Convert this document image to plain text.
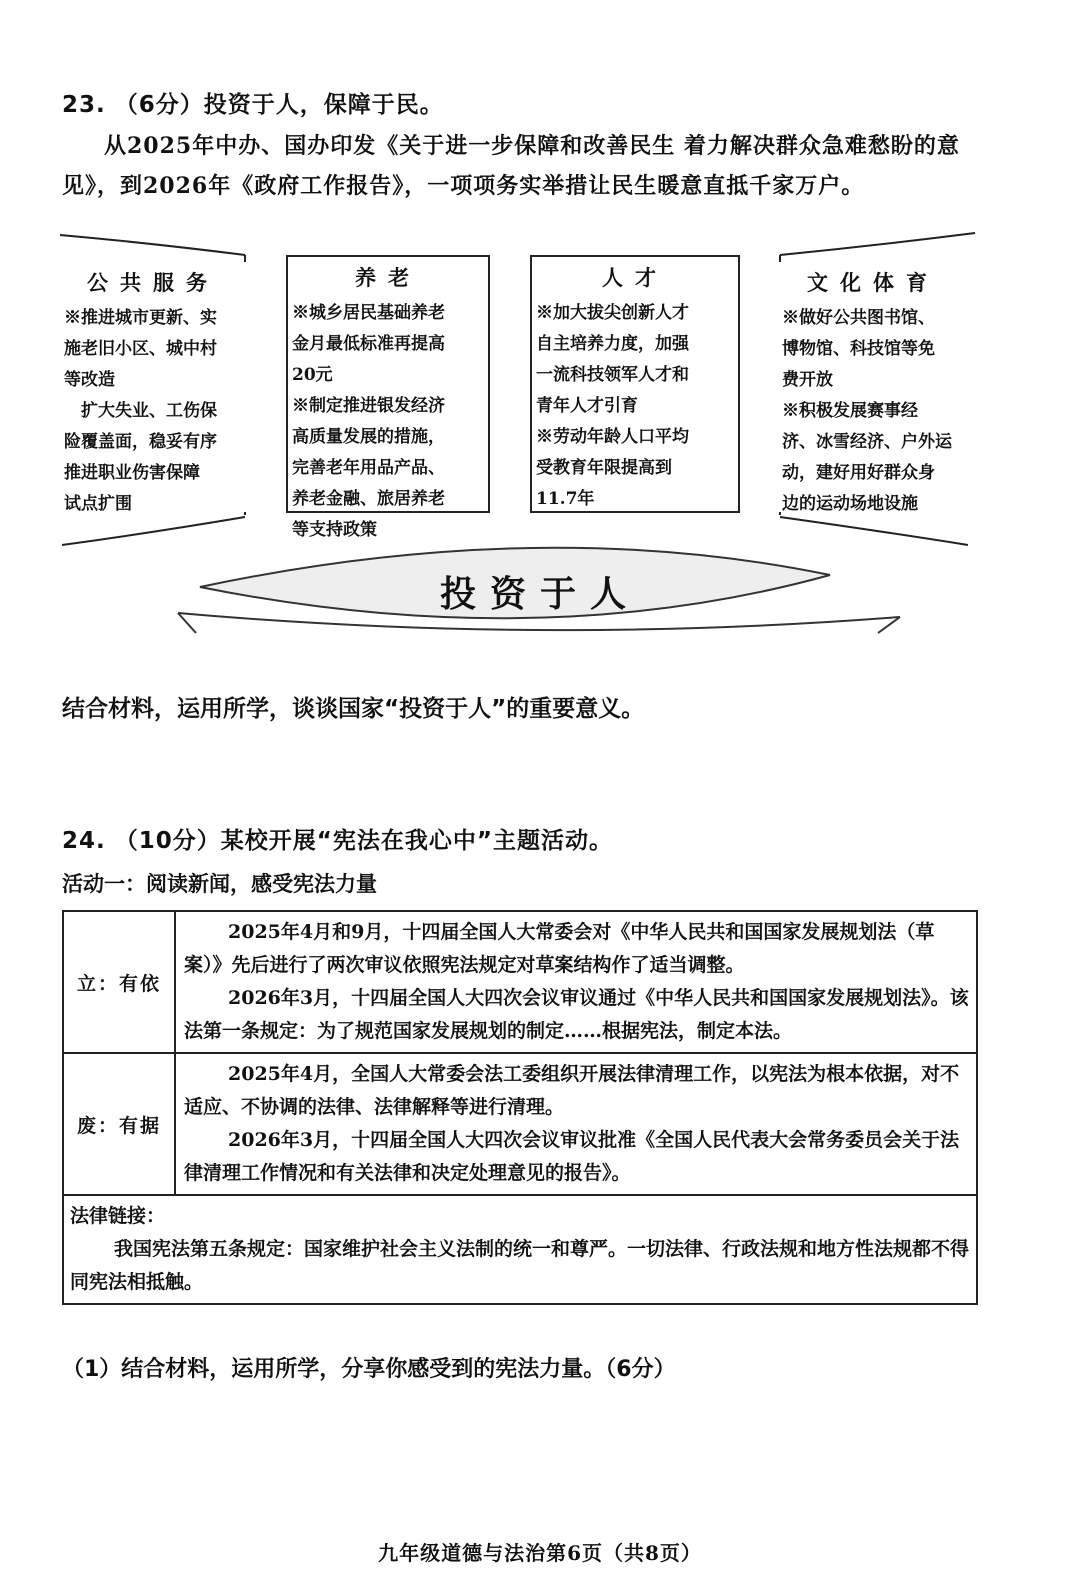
23. （6分）投资于人，保障于民。
从2025年中办、国办印发《关于进一步保障和改善民生 着力解决群众急难愁盼的意
见》，到2026年《政府工作报告》，一项项务实举措让民生暖意直抵千家万户。
公共服务
※推进城市更新、实
施老旧小区、城中村
等改造
　扩大失业、工伤保
险覆盖面，稳妥有序
推进职业伤害保障
试点扩围
养老
※城乡居民基础养老
金月最低标准再提高
20元
※制定推进银发经济
高质量发展的措施，
完善老年用品产品、
养老金融、旅居养老
等支持政策
人才
※加大拔尖创新人才
自主培养力度，加强
一流科技领军人才和
青年人才引育
※劳动年龄人口平均
受教育年限提高到
11.7年
文化体育
※做好公共图书馆、
博物馆、科技馆等免
费开放
※积极发展赛事经
济、冰雪经济、户外运
动，建好用好群众身
边的运动场地设施
投资于人
结合材料，运用所学，谈谈国家“投资于人”的重要意义。
24. （10分）某校开展“宪法在我心中”主题活动。
活动一：阅读新闻，感受宪法力量
立：有依	2025年4月和9月，十四届全国人大常委会对《中华人民共和国国家发展规划法（草案）》先后进行了两次审议依照宪法规定对草案结构作了适当调整。
2026年3月，十四届全国人大四次会议审议通过《中华人民共和国国家发展规划法》。该法第一条规定：为了规范国家发展规划的制定……根据宪法，制定本法。

废：有据	2025年4月，全国人大常委会法工委组织开展法律清理工作，以宪法为根本依据，对不适应、不协调的法律、法律解释等进行清理。
2026年3月，十四届全国人大四次会议审议批准《全国人民代表大会常务委员会关于法律清理工作情况和有关法律和决定处理意见的报告》。

法律链接：
我国宪法第五条规定：国家维护社会主义法制的统一和尊严。一切法律、行政法规和地方性法规都不得同宪法相抵触。	
（1）结合材料，运用所学，分享你感受到的宪法力量。（6分）
九年级道德与法治第6页（共8页）
